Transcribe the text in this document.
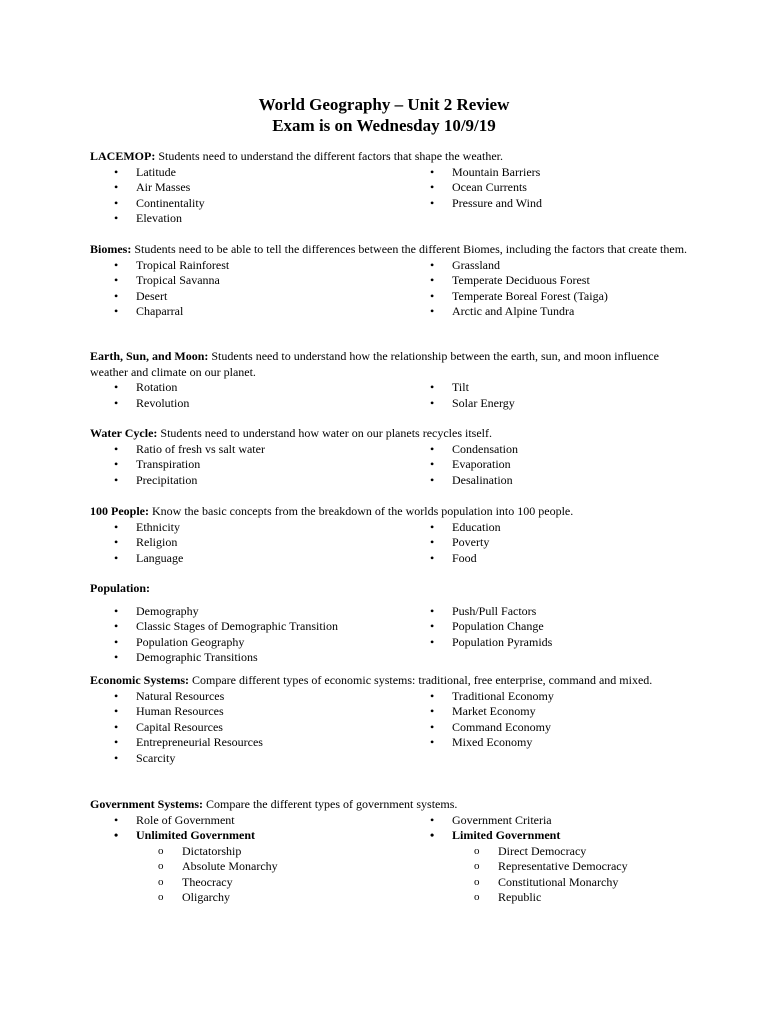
World Geography – Unit 2 Review
Exam is on Wednesday 10/9/19

LACEMOP: Students need to understand the different factors that shape the weather.

• Latitude
• Air Masses
• Continentality
• Elevation
• Mountain Barriers
• Ocean Currents
• Pressure and Wind

Biomes: Students need to be able to tell the differences between the different Biomes, including the factors that create them.

• Tropical Rainforest
• Tropical Savanna
• Desert
• Chaparral
• Grassland
• Temperate Deciduous Forest
• Temperate Boreal Forest (Taiga)
• Arctic and Alpine Tundra

Earth, Sun, and Moon: Students need to understand how the relationship between the earth, sun, and moon influence weather and climate on our planet.

• Rotation
• Revolution
• Tilt
• Solar Energy

Water Cycle: Students need to understand how water on our planets recycles itself.

• Ratio of fresh vs salt water
• Transpiration
• Precipitation
• Condensation
• Evaporation
• Desalination

100 People: Know the basic concepts from the breakdown of the worlds population into 100 people.

• Ethnicity
• Religion
• Language
• Education
• Poverty
• Food

Population:

• Demography
• Classic Stages of Demographic Transition
• Population Geography
• Demographic Transitions
• Push/Pull Factors
• Population Change
• Population Pyramids

Economic Systems: Compare different types of economic systems: traditional, free enterprise, command and mixed.

• Natural Resources
• Human Resources
• Capital Resources
• Entrepreneurial Resources
• Scarcity
• Traditional Economy
• Market Economy
• Command Economy
• Mixed Economy

Government Systems: Compare the different types of government systems.

• Role of Government
• Unlimited Government
o Dictatorship
o Absolute Monarchy
o Theocracy
o Oligarchy
• Government Criteria
• Limited Government
o Direct Democracy
o Representative Democracy
o Constitutional Monarchy
o Republic
